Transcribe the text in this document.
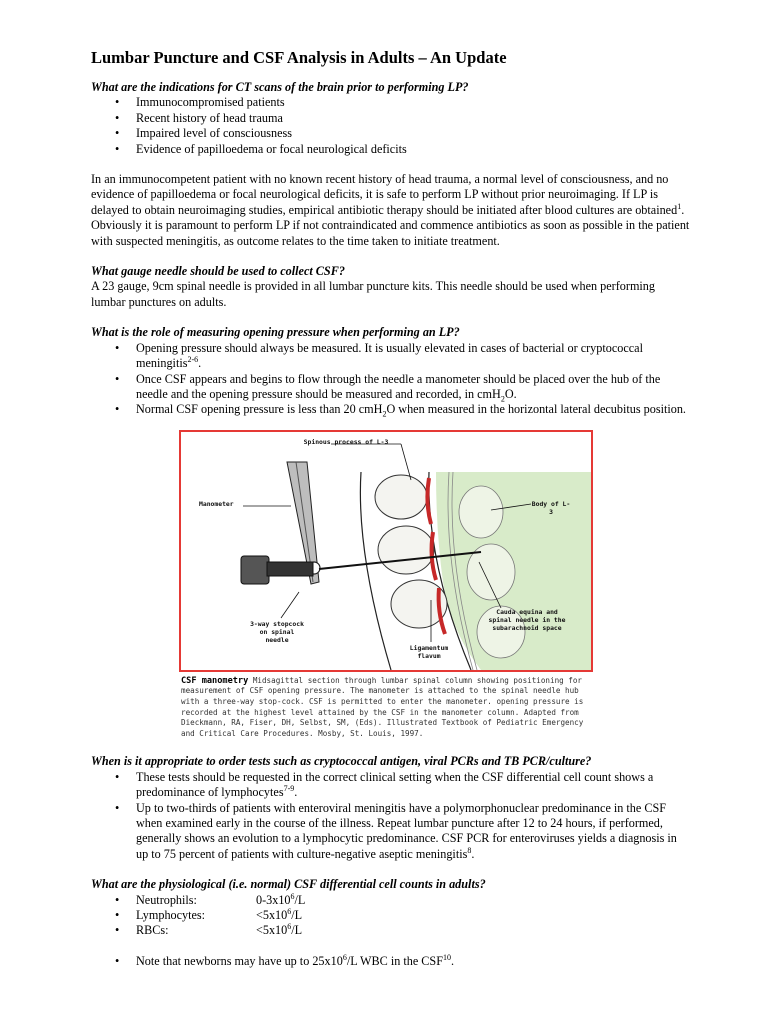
Lumbar Puncture and CSF Analysis in Adults – An Update

What are the indications for CT scans of the brain prior to performing LP?

• Immunocompromised patients
• Recent history of head trauma
• Impaired level of consciousness
• Evidence of papilloedema or focal neurological deficits

In an immunocompetent patient with no known recent history of head trauma, a normal level of consciousness, and no evidence of papilloedema or focal neurological deficits, it is safe to perform LP without prior neuroimaging. If LP is delayed to obtain neuroimaging studies, empirical antibiotic therapy should be initiated after blood cultures are obtained$^1$. Obviously it is paramount to perform LP if not contraindicated and commence antibiotics as soon as possible in the patient with suspected meningitis, as outcome relates to the time taken to initiate treatment.

What gauge needle should be used to collect CSF?

A 23 gauge, 9cm spinal needle is provided in all lumbar puncture kits. This needle should be used when performing lumbar punctures on adults.

What is the role of measuring opening pressure when performing an LP?

• Opening pressure should always be measured. It is usually elevated in cases of bacterial or cryptococcal meningitis$^{2-6}$.
• Once CSF appears and begins to flow through the needle a manometer should be placed over the hub of the needle and the opening pressure should be measured and recorded, in cmH$_2$O.
• Normal CSF opening pressure is less than 20 cmH$_2$O when measured in the horizontal lateral decubitus position.
Spinous process of L-3
Manometer	Body of L-3
3-way stopcock on spinal needle
Cauda equina and spinal needle in the subarachnoid space
Ligamentum flavum
CSF manometry Midsagittal section through lumbar spinal column showing positioning for measurement of CSF opening pressure. The manometer is attached to the spinal needle hub with a three-way stop-cock. CSF is permitted to enter the manometer. opening pressure is recorded at the highest level attained by the CSF in the manometer column. Adapted from Dieckmann, RA, Fiser, DH, Selbst, SM, (Eds). Illustrated Textbook of Pediatric Emergency and Critical Care Procedures. Mosby, St. Louis, 1997.

When is it appropriate to order tests such as cryptococcal antigen, viral PCRs and TB PCR/culture?

• These tests should be requested in the correct clinical setting when the CSF differential cell count shows a predominance of lymphocytes$^{7-9}$.
• Up to two-thirds of patients with enteroviral meningitis have a polymorphonuclear predominance in the CSF when examined early in the course of the illness. Repeat lumbar puncture after 12 to 24 hours, if performed, generally shows an evolution to a lymphocytic predominance. CSF PCR for enteroviruses yields a diagnosis in up to 75 percent of patients with culture-negative aseptic meningitis$^8$.

What are the physiological (i.e. normal) CSF differential cell counts in adults?

• Neutrophils:	$0-3x10^6/L$
• Lymphocytes:	$<5x10^6/L$
• RBCs:	$<5x10^6/L$
• Note that newborns may have up to $25x10^6/L$ WBC in the CSF$^{10}$.
